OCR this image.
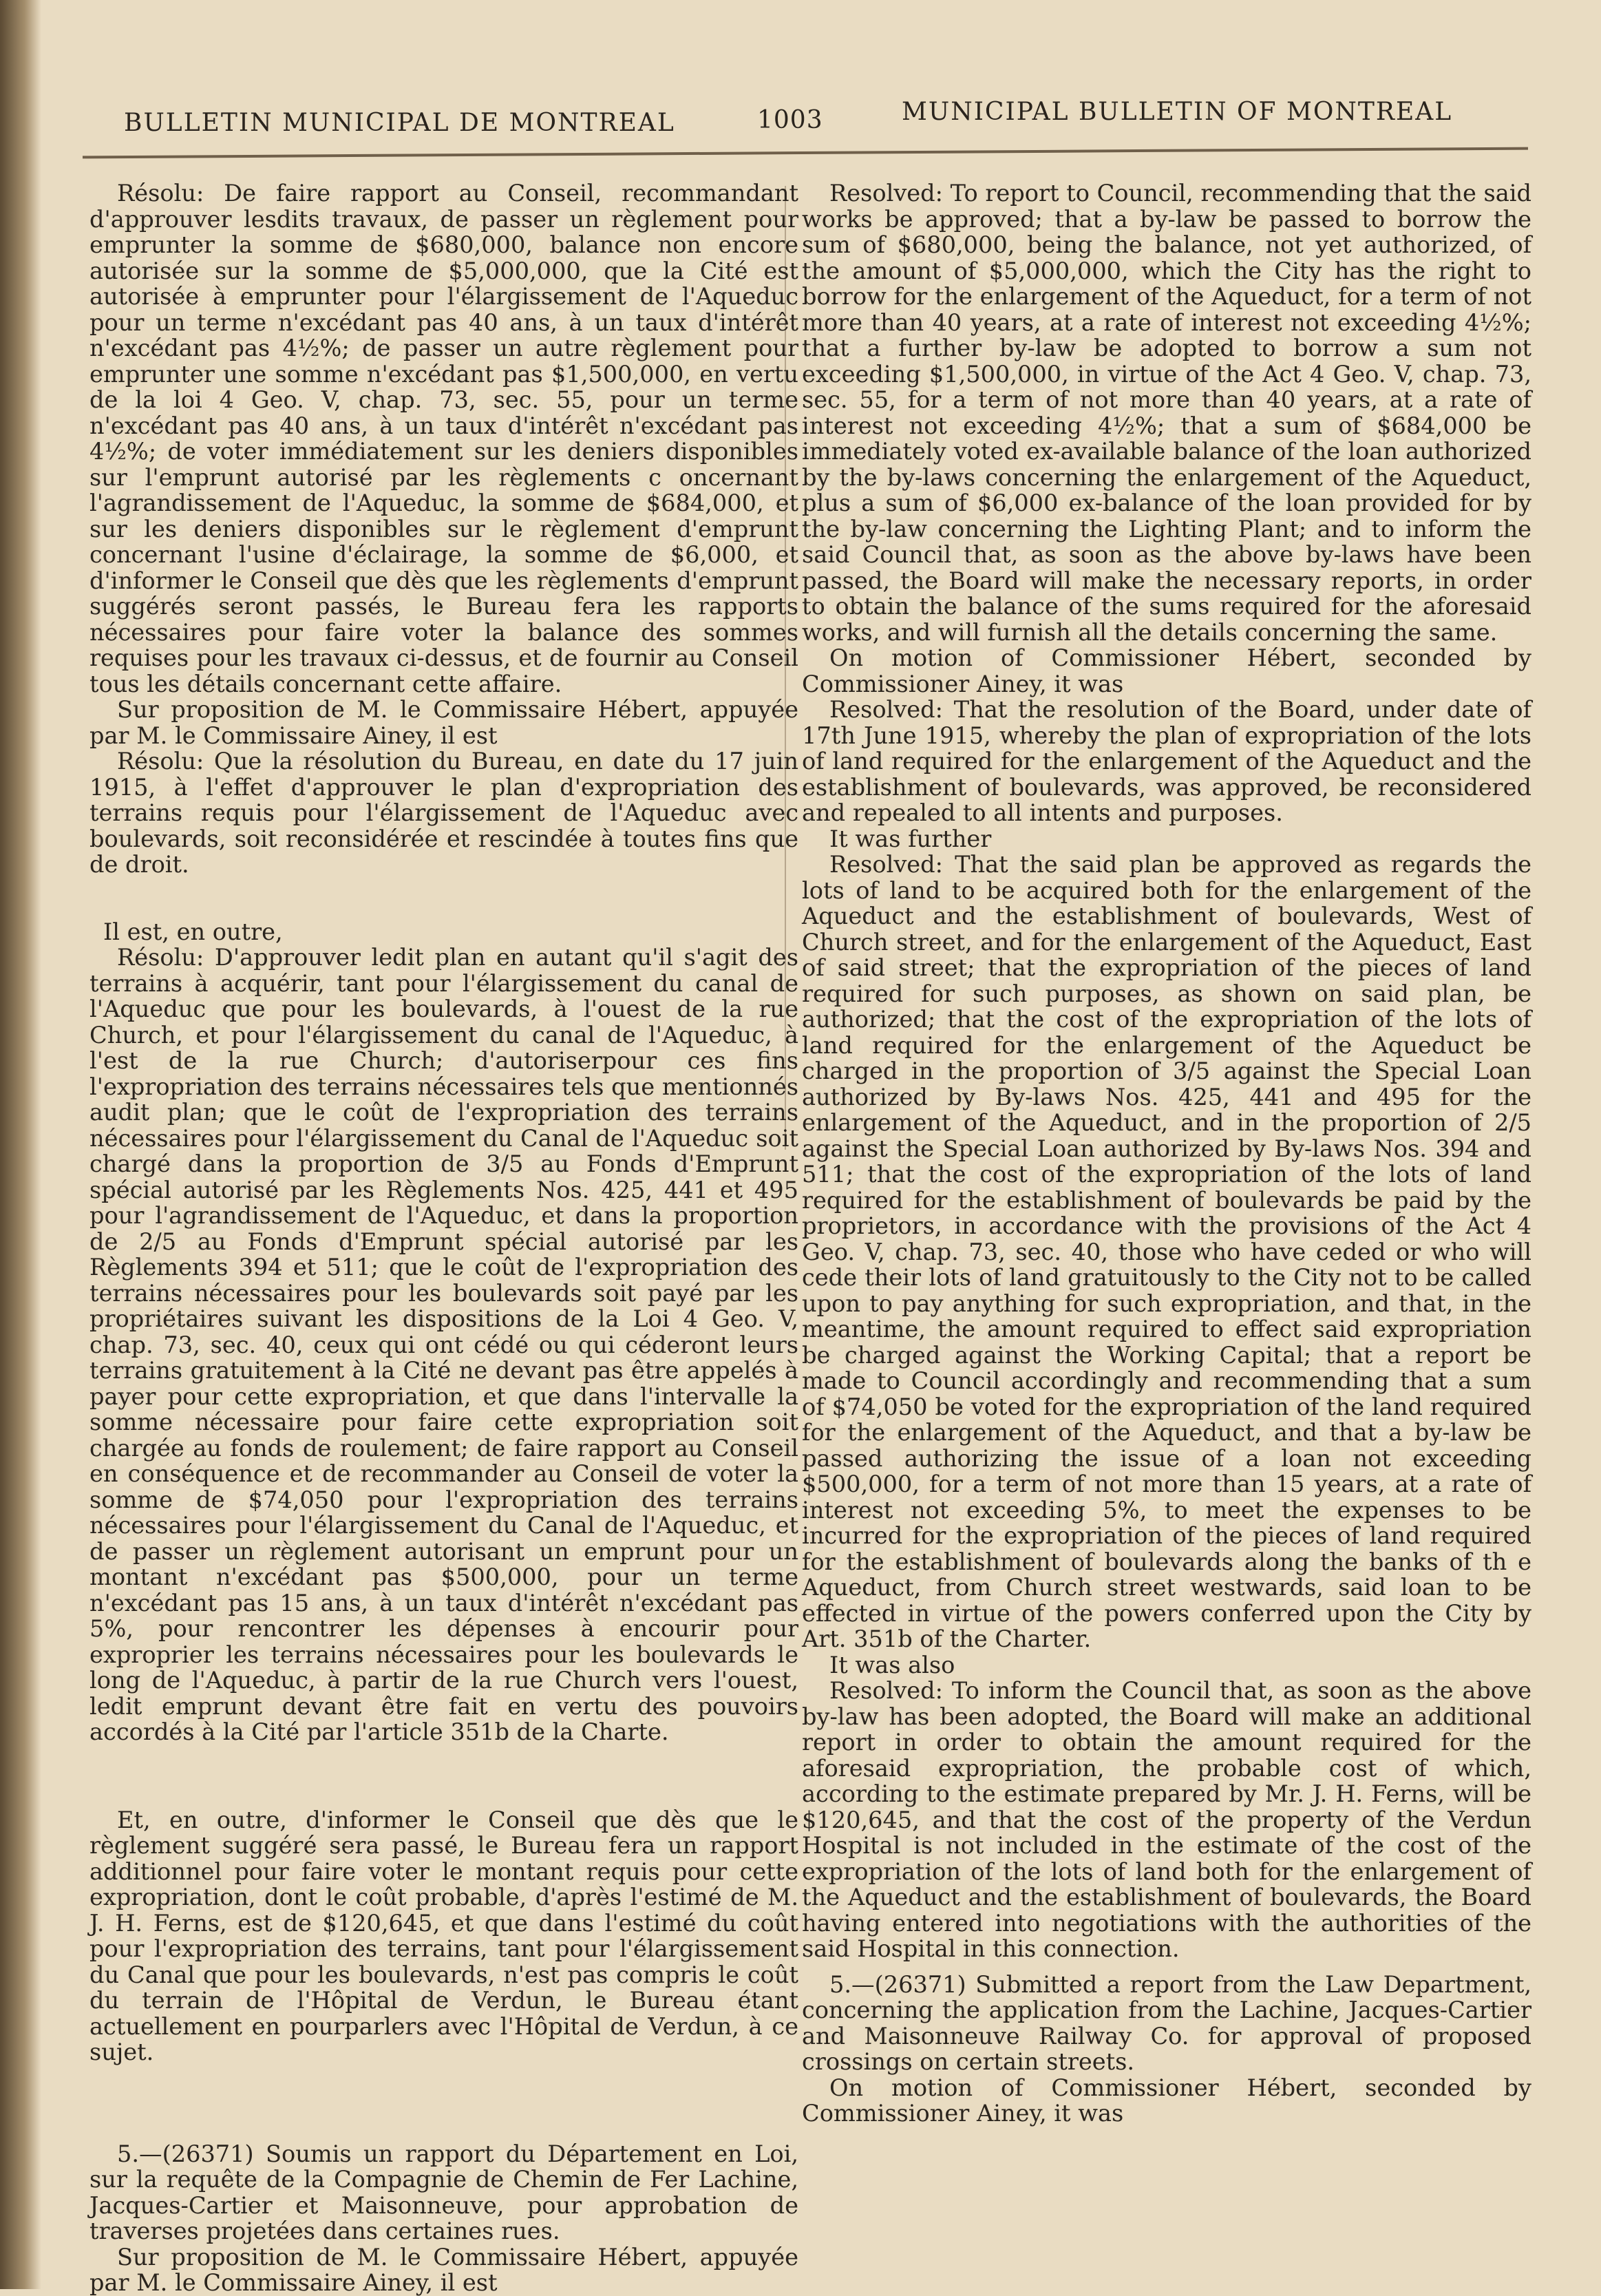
BULLETIN MUNICIPAL DE MONTREAL	1003	MUNICIPAL BULLETIN OF MONTREAL

Résolu: De faire rapport au Conseil, recommandant d'approuver lesdits travaux, de passer un règlement pour emprunter la somme de $680,000, balance non encore autorisée sur la somme de $5,000,000, que la Cité est autorisée à emprunter pour l'élargissement de l'Aqueduc pour un terme n'excédant pas 40 ans, à un taux d'intérêt n'excédant pas 4½%; de passer un autre règlement pour emprunter une somme n'excédant pas $1,500,000, en vertu de la loi 4 Geo. V, chap. 73, sec. 55, pour un terme n'excédant pas 40 ans, à un taux d'intérêt n'excédant pas 4½%; de voter immédiatement sur les deniers disponibles sur l'emprunt autorisé par les règlements c oncernant l'agrandissement de l'Aqueduc, la somme de $684,000, et sur les deniers disponibles sur le règlement d'emprunt concernant l'usine d'éclairage, la somme de $6,000, et d'informer le Conseil que dès que les règlements d'emprunt suggérés seront passés, le Bureau fera les rapports nécessaires pour faire voter la balance des sommes requises pour les travaux ci-dessus, et de fournir au Conseil tous les détails concernant cette affaire.

Sur proposition de M. le Commissaire Hébert, appuyée par M. le Commissaire Ainey, il est

Résolu: Que la résolution du Bureau, en date du 17 juin 1915, à l'effet d'approuver le plan d'expropriation des terrains requis pour l'élargissement de l'Aqueduc avec boulevards, soit reconsidérée et rescindée à toutes fins que de droit.

Il est, en outre,

Résolu: D'approuver ledit plan en autant qu'il s'agit des terrains à acquérir, tant pour l'élargissement du canal de l'Aqueduc que pour les boulevards, à l'ouest de la rue Church, et pour l'élargissement du canal de l'Aqueduc, à l'est de la rue Church; d'autoriserpour ces fins l'expropriation des terrains nécessaires tels que mentionnés audit plan; que le coût de l'expropriation des terrains nécessaires pour l'élargissement du Canal de l'Aqueduc soit chargé dans la proportion de 3/5 au Fonds d'Emprunt spécial autorisé par les Règlements Nos. 425, 441 et 495 pour l'agrandissement de l'Aqueduc, et dans la proportion de 2/5 au Fonds d'Emprunt spécial autorisé par les Règlements 394 et 511; que le coût de l'expropriation des terrains nécessaires pour les boulevards soit payé par les propriétaires suivant les dispositions de la Loi 4 Geo. V, chap. 73, sec. 40, ceux qui ont cédé ou qui céderont leurs terrains gratuitement à la Cité ne devant pas être appelés à payer pour cette expropriation, et que dans l'intervalle la somme nécessaire pour faire cette expropriation soit chargée au fonds de roulement; de faire rapport au Conseil en conséquence et de recommander au Conseil de voter la somme de $74,050 pour l'expropriation des terrains nécessaires pour l'élargissement du Canal de l'Aqueduc, et de passer un règlement autorisant un emprunt pour un montant n'excédant pas $500,000, pour un terme n'excédant pas 15 ans, à un taux d'intérêt n'excédant pas 5%, pour rencontrer les dépenses à encourir pour exproprier les terrains nécessaires pour les boulevards le long de l'Aqueduc, à partir de la rue Church vers l'ouest, ledit emprunt devant être fait en vertu des pouvoirs accordés à la Cité par l'article 351b de la Charte.

Et, en outre, d'informer le Conseil que dès que le règlement suggéré sera passé, le Bureau fera un rapport additionnel pour faire voter le montant requis pour cette expropriation, dont le coût probable, d'après l'estimé de M. J. H. Ferns, est de $120,645, et que dans l'estimé du coût pour l'expropriation des terrains, tant pour l'élargissement du Canal que pour les boulevards, n'est pas compris le coût du terrain de l'Hôpital de Verdun, le Bureau étant actuellement en pourparlers avec l'Hôpital de Verdun, à ce sujet.

5.—(26371) Soumis un rapport du Département en Loi, sur la requête de la Compagnie de Chemin de Fer Lachine, Jacques-Cartier et Maisonneuve, pour approbation de traverses projetées dans certaines rues.

Sur proposition de M. le Commissaire Hébert, appuyée par M. le Commissaire Ainey, il est

Resolved: To report to Council, recommending that the said works be approved; that a by-law be passed to borrow the sum of $680,000, being the balance, not yet authorized, of the amount of $5,000,000, which the City has the right to borrow for the enlargement of the Aqueduct, for a term of not more than 40 years, at a rate of interest not exceeding 4½%; that a further by-law be adopted to borrow a sum not exceeding $1,500,000, in virtue of the Act 4 Geo. V, chap. 73, sec. 55, for a term of not more than 40 years, at a rate of interest not exceeding 4½%; that a sum of $684,000 be immediately voted ex-available balance of the loan authorized by the by-laws concerning the enlargement of the Aqueduct, plus a sum of $6,000 ex-balance of the loan provided for by the by-law concerning the Lighting Plant; and to inform the said Council that, as soon as the above by-laws have been passed, the Board will make the necessary reports, in order to obtain the balance of the sums required for the aforesaid works, and will furnish all the details concerning the same.

On motion of Commissioner Hébert, seconded by Commissioner Ainey, it was

Resolved: That the resolution of the Board, under date of 17th June 1915, whereby the plan of expropriation of the lots of land required for the enlargement of the Aqueduct and the establishment of boulevards, was approved, be reconsidered and repealed to all intents and purposes.

It was further

Resolved: That the said plan be approved as regards the lots of land to be acquired both for the enlargement of the Aqueduct and the establishment of boulevards, West of Church street, and for the enlargement of the Aqueduct, East of said street; that the expropriation of the pieces of land required for such purposes, as shown on said plan, be authorized; that the cost of the expropriation of the lots of land required for the enlargement of the Aqueduct be charged in the proportion of 3/5 against the Special Loan authorized by By-laws Nos. 425, 441 and 495 for the enlargement of the Aqueduct, and in the proportion of 2/5 against the Special Loan authorized by By-laws Nos. 394 and 511; that the cost of the expropriation of the lots of land required for the establishment of boulevards be paid by the proprietors, in accordance with the provisions of the Act 4 Geo. V, chap. 73, sec. 40, those who have ceded or who will cede their lots of land gratuitously to the City not to be called upon to pay anything for such expropriation, and that, in the meantime, the amount required to effect said expropriation be charged against the Working Capital; that a report be made to Council accordingly and recommending that a sum of $74,050 be voted for the expropriation of the land required for the enlargement of the Aqueduct, and that a by-law be passed authorizing the issue of a loan not exceeding $500,000, for a term of not more than 15 years, at a rate of interest not exceeding 5%, to meet the expenses to be incurred for the expropriation of the pieces of land required for the establishment of boulevards along the banks of th e Aqueduct, from Church street westwards, said loan to be effected in virtue of the powers conferred upon the City by Art. 351b of the Charter.

It was also

Resolved: To inform the Council that, as soon as the above by-law has been adopted, the Board will make an additional report in order to obtain the amount required for the aforesaid expropriation, the probable cost of which, according to the estimate prepared by Mr. J. H. Ferns, will be $120,645, and that the cost of the property of the Verdun Hospital is not included in the estimate of the cost of the expropriation of the lots of land both for the enlargement of the Aqueduct and the establishment of boulevards, the Board having entered into negotiations with the authorities of the said Hospital in this connection.

5.—(26371) Submitted a report from the Law Department, concerning the application from the Lachine, Jacques-Cartier and Maisonneuve Railway Co. for approval of proposed crossings on certain streets.

On motion of Commissioner Hébert, seconded by Commissioner Ainey, it was
